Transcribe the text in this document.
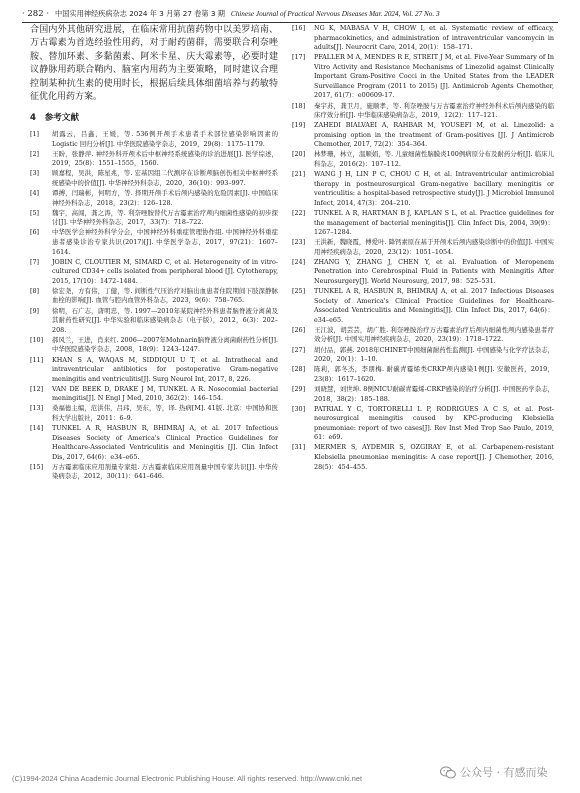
· 282 · 中国实用神经疾病杂志 2024 年 3 月第 27 卷第 3 期 Chinese Journal of Practical Nervous Diseases Mar. 2024, Vol. 27 No. 3

合国内外其他研究进展，在临床常用抗菌药物中以美罗培南、万古霉素为首选经验性用药，对于耐药菌群，需要联合利奈唑胺、替加环素、多黏菌素、阿米卡星、庆大霉素等，必要时建议静脉用药联合鞘内、脑室内用药为主要策略，同时建议合理控制某种抗生素的使用时长，根据后续具体细菌培养与药敏特征优化用药方案。

4　参考文献
[1]	胡露云，吕鑫，王媛，等. 536例开颅手术患者手术部位感染影响因素的 Logistic 回归分析[J]. 中华医院感染学杂志，2019，29(8)：1175–1179.
[2]	王盼，张静萍. 神经外科开颅术后中枢神经系统感染的诊治进展[J]. 医学综述，2019，25(8)：1551–1555，1560.
[3]	顾嘉程，吴洪，陈星兆，等. 宏基因组二代测序在诊断颅脑创伤相关中枢神经系统感染中的价值[J]. 中华神经外科杂志，2020，36(10)：993–997.
[4]	谭搏，闫瑞彬，何明方，等. 择期开颅手术后颅内感染的危险因素[J]. 中国临床神经外科杂志，2018，23(2)：126–128.
[5]	魏宇，高闯，龚之涛，等. 利奈唑胺替代万古霉素治疗颅内细菌性感染的初步探讨[J]. 中华神经外科杂志，2017，33(7)：718–722.
[6]	中华医学会神经外科学分会，中国神经外科重症管理协作组. 中国神经外科重症患者感染诊治专家共识(2017)[J]. 中华医学杂志，2017，97(21)：1607–1614.
[7]	JOBIN C, CLOUTIER M, SIMARD C, et al. Heterogeneity of in vitro-cultured CD34+ cells isolated from peripheral blood [J]. Cytotherapy, 2015, 17(10)：1472–1484.
[8]	徐宏尧，方有伟，丁健，等. 间断性气压治疗对脑出血患者住院期间下肢深静脉血栓的影响[J]. 血管与腔内血管外科杂志，2023，9(6)：758–765.
[9]	徐明，石广志，唐明忠，等. 1997—2010年某院神经外科患者脑脊液分离菌及其耐药性研究[J]. 中华实验和临床感染病杂志（电子版），2012，6(3)：202–208.
[10]	郝风兰，王进，肖来红. 2006—2007年Mohnarin脑脊液分离菌耐药性分析[J]. 中华医院感染学杂志，2008，18(9)：1243–1247.
[11]	KHAN S A, WAQAS M, SIDDIQUI U T, et al. Intrathecal and intraventricular antibiotics for postoperative Gram-negative meningitis and ventriculitis[J]. Surg Neurol Int, 2017, 8, 226.
[12]	VAN DE BEEK D, DRAKE J M, TUNKEL A R. Nosocomial bacterial meningitis[J]. N Engl J Med, 2010, 362(2)：146–154.
[13]	桑福德主编，范洪伟，吕玮，吴东，等，译. 热病[M]. 41版. 北京：中国协和医科大学出版社，2011：6–9.
[14]	TUNKEL A R, HASBUN R, BHIMRAJ A, et al. 2017 Infectious Diseases Society of America's Clinical Practice Guidelines for Healthcare-Associated Ventriculitis and Meningitis [J]. Clin Infect Dis, 2017, 64(6)：e34–e65.
[15]	万古霉素临床应用剂量专家组. 万古霉素临床应用剂量中国专家共识[J]. 中华传染病杂志，2012，30(11)：641–646.
[16]	NG K, MABASA V H, CHOW I, et al. Systematic review of efficacy, pharmacokinetics, and administration of intraventricular vancomycin in adults[J]. Neurocrit Care, 2014, 20(1)：158–171.
[17]	PFALLER M A, MENDES R E, STREIT J M, et al. Five-Year Summary of In Vitro Activity and Resistance Mechanisms of Linezolid against Clinically Important Gram-Positive Cocci in the United States from the LEADER Surveillance Program (2011 to 2015) [J]. Antimicrob Agents Chemother, 2017, 61(7)：e00609-17.
[18]	秦宇苏，龚卫月，施顺孝，等. 利奈唑胺与万古霉素治疗神经外科术后颅内感染的临床疗效分析[J]. 中华临床感染病杂志，2019，12(2)：117–121.
[19]	ZAHEDI BIALVAEI A, RAHBAR M, YOUSEFI M, et al. Linezolid: a promising option in the treatment of Gram-positives [J]. J Antimicrob Chemother, 2017, 72(2)：354–364.
[20]	林梦珊，林立，温顺娟，等. 儿童细菌性脑膜炎100例病原分布及耐药分析[J]. 临床儿科杂志，2016(2)：107–112.
[21]	WANG J H, LIN P C, CHOU C H, et al. Intraventricular antimicrobial therapy in postneurosurgical Gram-negative bacillary meningitis or ventriculitis: a hospital-based retrospective study[J]. J Microbiol Immunol Infect, 2014, 47(3)：204–210.
[22]	TUNKEL A R, HARTMAN B J, KAPLAN S L, et al. Practice guidelines for the management of bacterial meningitis[J]. Clin Infect Dis, 2004, 39(9)：1267–1284.
[23]	王洪新，魏晓霞，傅爱叶. 降钙素原在基于开颅术后颅内感染诊断中的价值[J]. 中国实用神经疾病杂志，2020，23(12)：1051–1054.
[24]	ZHANG Y, ZHANG J, CHEN Y, et al. Evaluation of Meropenem Penetration into Cerebrospinal Fluid in Patients with Meningitis After Neurosurgery[J]. World Neurosurg, 2017, 98：525–531.
[25]	TUNKEL A R, HASBUN R, BHIMRAJ A, et al. 2017 Infectious Diseases Society of America's Clinical Practice Guidelines for Healthcare-Associated Ventriculitis and Meningitis[J]. Clin Infect Dis, 2017, 64(6)：e34–e65.
[26]	王江波，胡芸芸，胡广胜. 利奈唑胺治疗万古霉素治疗后颅内细菌性颅内感染患者疗效分析[J]. 中国实用神经疾病杂志，2020，23(19)：1718–1722.
[27]	胡付品，郭燕. 2018年CHINET中国细菌耐药性监测[J]. 中国感染与化学疗法杂志，2020，20(1)：1–10.
[28]	陈莉，郭冬杰，李朋梅. 耐碳青霉烯类CRKP颅内感染1例[J]. 安徽医药，2019，23(8)：1617–1620.
[29]	刘晓慧，刘世坤. 8例NICU耐碳青霉烯-CRKP感染的治疗分析[J]. 中国医药学杂志，2018，38(2)：185–188.
[30]	PATRIAL Y C, TORTORELLI L P, RODRIGUES A C S, et al. Post-neurosurgical meningitis caused by KPC-producing Klebsiella pneumoniae: report of two cases[J]. Rev Inst Med Trop Sao Paulo, 2019, 61：e69.
[31]	MERMER S, AYDEMIR S, OZGIRAY E, et al. Carbapenem-resistant Klebsiella pneumoniae meningitis: A case report[J]. J Chemother, 2016, 28(5)：454–455.
(C)1994-2024 China Academic Journal Electronic Publishing House. All rights reserved. http://www.cnki.net	公众号 · 有感而染
